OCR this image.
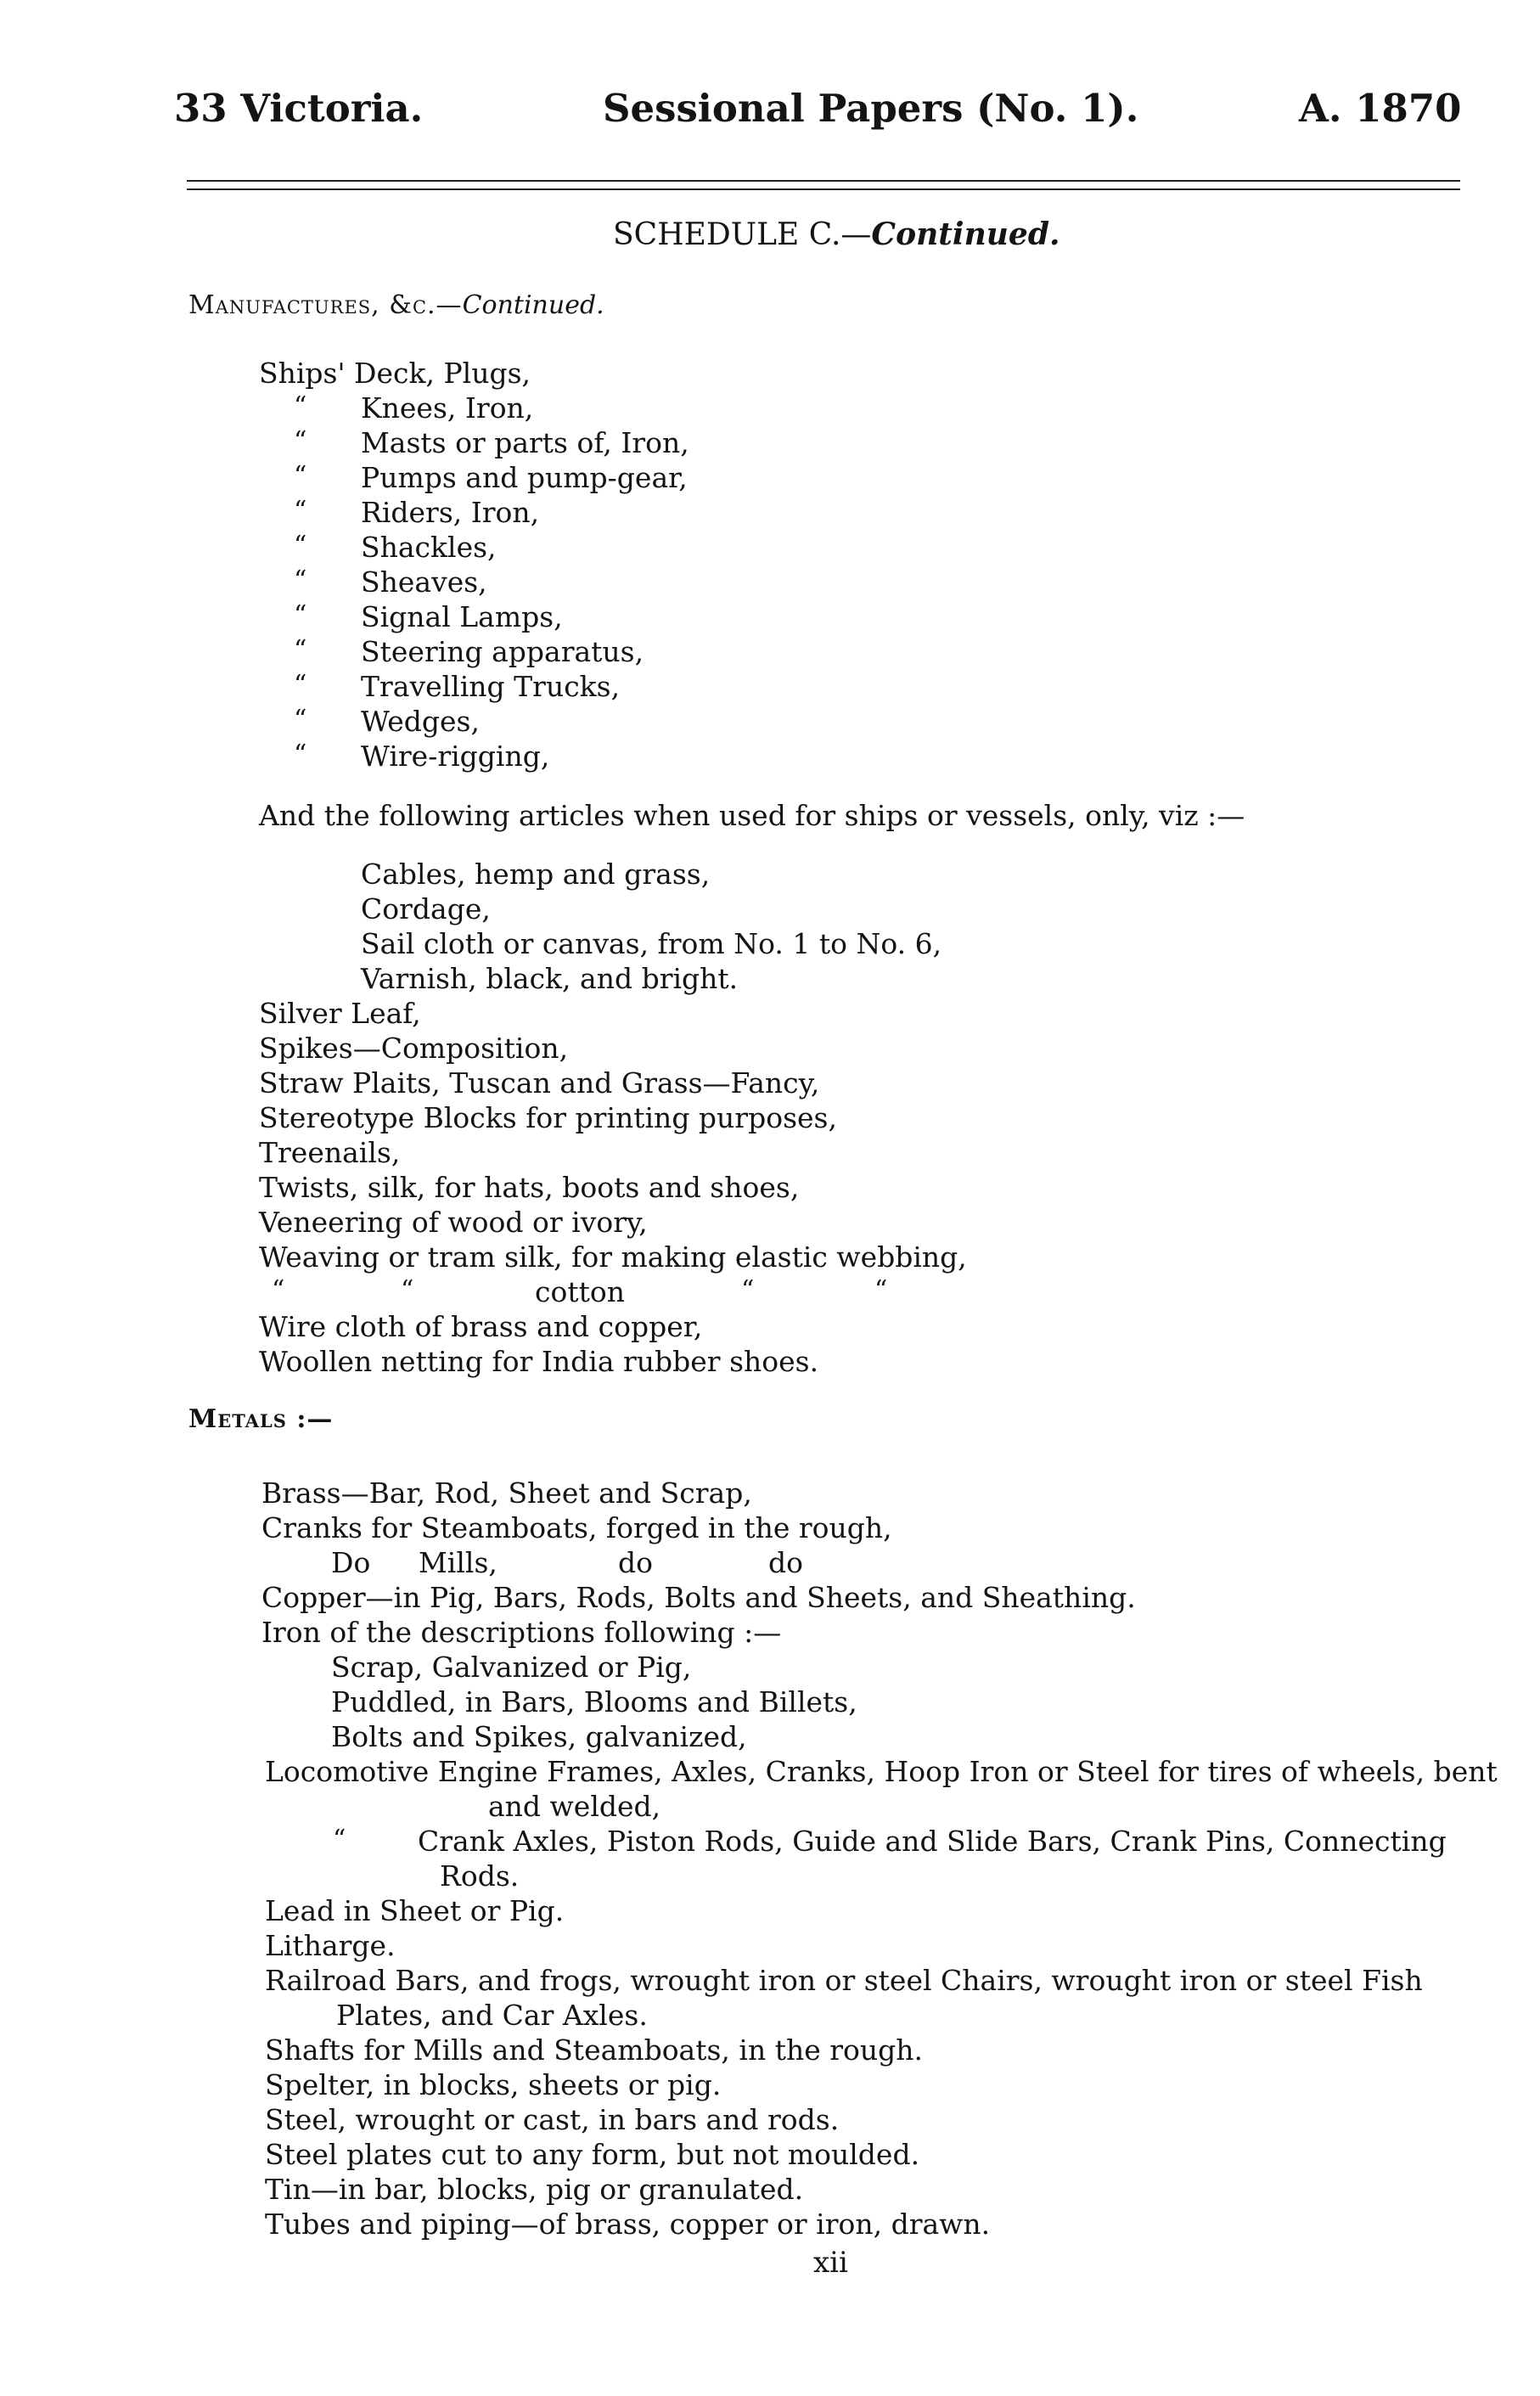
33 Victoria.	Sessional Papers (No. 1).	A. 1870
SCHEDULE C.—Continued.
Manufactures, &c.—Continued.
Ships' Deck, Plugs,
“ Knees, Iron,
“ Masts or parts of, Iron,
“ Pumps and pump-gear,
“ Riders, Iron,
“ Shackles,
“ Sheaves,
“ Signal Lamps,
“ Steering apparatus,
“ Travelling Trucks,
“ Wedges,
“ Wire-rigging,
And the following articles when used for ships or vessels, only, viz :—
Cables, hemp and grass,
Cordage,
Sail cloth or canvas, from No. 1 to No. 6,
Varnish, black, and bright.
Silver Leaf,
Spikes—Composition,
Straw Plaits, Tuscan and Grass—Fancy,
Stereotype Blocks for printing purposes,
Treenails,
Twists, silk, for hats, boots and shoes,
Veneering of wood or ivory,
Weaving or tram silk, for making elastic webbing,
“	“	cotton	“	“
Wire cloth of brass and copper,
Woollen netting for India rubber shoes.
Metals :—
Brass—Bar, Rod, Sheet and Scrap,
Cranks for Steamboats, forged in the rough,
Do Mills,	do	do
Copper—in Pig, Bars, Rods, Bolts and Sheets, and Sheathing.
Iron of the descriptions following :—
Scrap, Galvanized or Pig,
Puddled, in Bars, Blooms and Billets,
Bolts and Spikes, galvanized,
Locomotive Engine Frames, Axles, Cranks, Hoop Iron or Steel for tires of wheels, bent
and welded,
“	Crank Axles, Piston Rods, Guide and Slide Bars, Crank Pins, Connecting
Rods.
Lead in Sheet or Pig.
Litharge.
Railroad Bars, and frogs, wrought iron or steel Chairs, wrought iron or steel Fish
Plates, and Car Axles.
Shafts for Mills and Steamboats, in the rough.
Spelter, in blocks, sheets or pig.
Steel, wrought or cast, in bars and rods.
Steel plates cut to any form, but not moulded.
Tin—in bar, blocks, pig or granulated.
Tubes and piping—of brass, copper or iron, drawn.
xii
